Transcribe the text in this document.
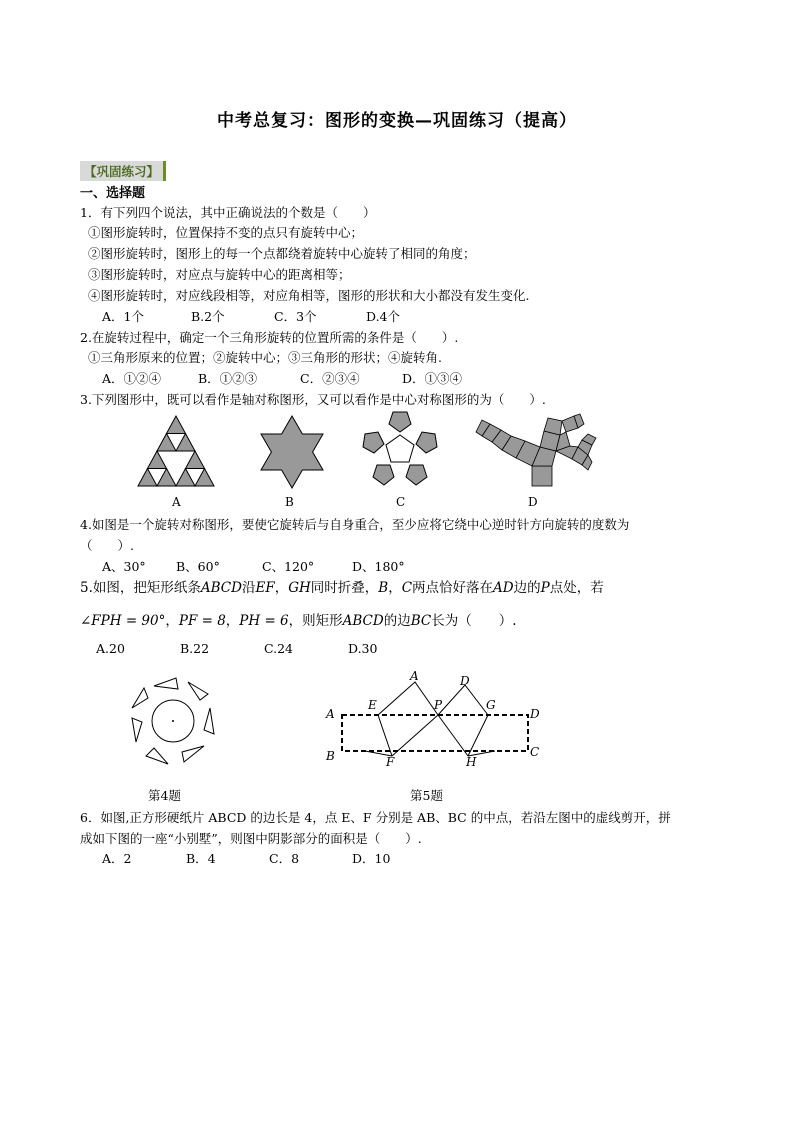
中考总复习：图形的变换—巩固练习（提高）
【巩固练习】
一、选择题
1．有下列四个说法，其中正确说法的个数是（　　）
①图形旋转时，位置保持不变的点只有旋转中心；
②图形旋转时，图形上的每一个点都绕着旋转中心旋转了相同的角度；
③图形旋转时，对应点与旋转中心的距离相等；
④图形旋转时，对应线段相等，对应角相等，图形的形状和大小都没有发生变化.
A．1个	B.2个	C．3个	D.4个
2.在旋转过程中，确定一个三角形旋转的位置所需的条件是（　　）.
①三角形原来的位置；②旋转中心；③三角形的形状；④旋转角.
A．①②④	B．①②③	C．②③④	D．①③④
3.下列图形中，既可以看作是轴对称图形，又可以看作是中心对称图形的为（　　）.
A	B	C	D
4.如图是一个旋转对称图形，要使它旋转后与自身重合，至少应将它绕中心逆时针方向旋转的度数为
（　　）.
A、30° B、60°	C、120°	D、180°
5.如图，把矩形纸条ABCD沿EF，GH同时折叠，B，C两点恰好落在AD边的P点处，若
∠FPH = 90°，PF = 8，PH = 6，则矩形ABCD的边BC长为（　　）.
A.20	B.22	C.24	D.30
第4题
A	D
A
E	P	G
D
B	F	H
C
第5题
6．如图,正方形硬纸片 ABCD 的边长是 4，点 E、F 分别是 AB、BC 的中点，若沿左图中的虚线剪开，拼
成如下图的一座“小别墅”，则图中阴影部分的面积是（　　）.
A．2	B．4	C．8	D．10
